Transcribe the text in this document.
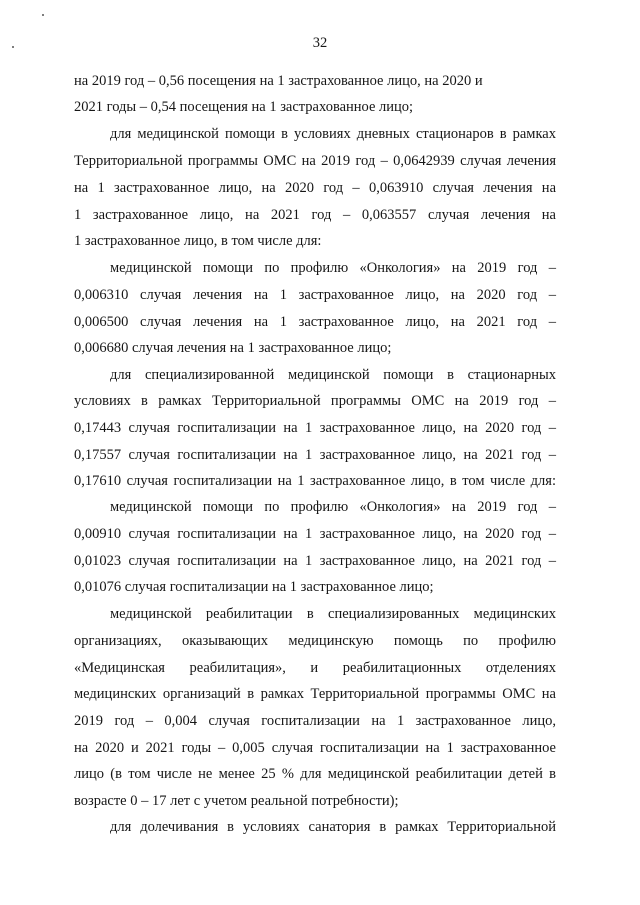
32
на 2019 год – 0,56 посещения на 1 застрахованное лицо, на 2020 и
2021 годы – 0,54 посещения на 1 застрахованное лицо;
для медицинской помощи в условиях дневных стационаров в рамках
Территориальной программы ОМС на 2019 год – 0,0642939 случая лечения
на 1 застрахованное лицо, на 2020 год – 0,063910 случая лечения на
1 застрахованное лицо, на 2021 год – 0,063557 случая лечения на
1 застрахованное лицо, в том числе для:
медицинской помощи по профилю «Онкология» на 2019 год –
0,006310 случая лечения на 1 застрахованное лицо, на 2020 год –
0,006500 случая лечения на 1 застрахованное лицо, на 2021 год –
0,006680 случая лечения на 1 застрахованное лицо;
для специализированной медицинской помощи в стационарных
условиях в рамках Территориальной программы ОМС на 2019 год –
0,17443 случая госпитализации на 1 застрахованное лицо, на 2020 год –
0,17557 случая госпитализации на 1 застрахованное лицо, на 2021 год –
0,17610 случая госпитализации на 1 застрахованное лицо, в том числе для:
медицинской помощи по профилю «Онкология» на 2019 год –
0,00910 случая госпитализации на 1 застрахованное лицо, на 2020 год –
0,01023 случая госпитализации на 1 застрахованное лицо, на 2021 год –
0,01076 случая госпитализации на 1 застрахованное лицо;
медицинской реабилитации в специализированных медицинских
организациях, оказывающих медицинскую помощь по профилю
«Медицинская реабилитация», и реабилитационных отделениях
медицинских организаций в рамках Территориальной программы ОМС на
2019 год – 0,004 случая госпитализации на 1 застрахованное лицо,
на 2020 и 2021 годы – 0,005 случая госпитализации на 1 застрахованное
лицо (в том числе не менее 25 % для медицинской реабилитации детей в
возрасте 0 – 17 лет с учетом реальной потребности);
для долечивания в условиях санатория в рамках Территориальной
